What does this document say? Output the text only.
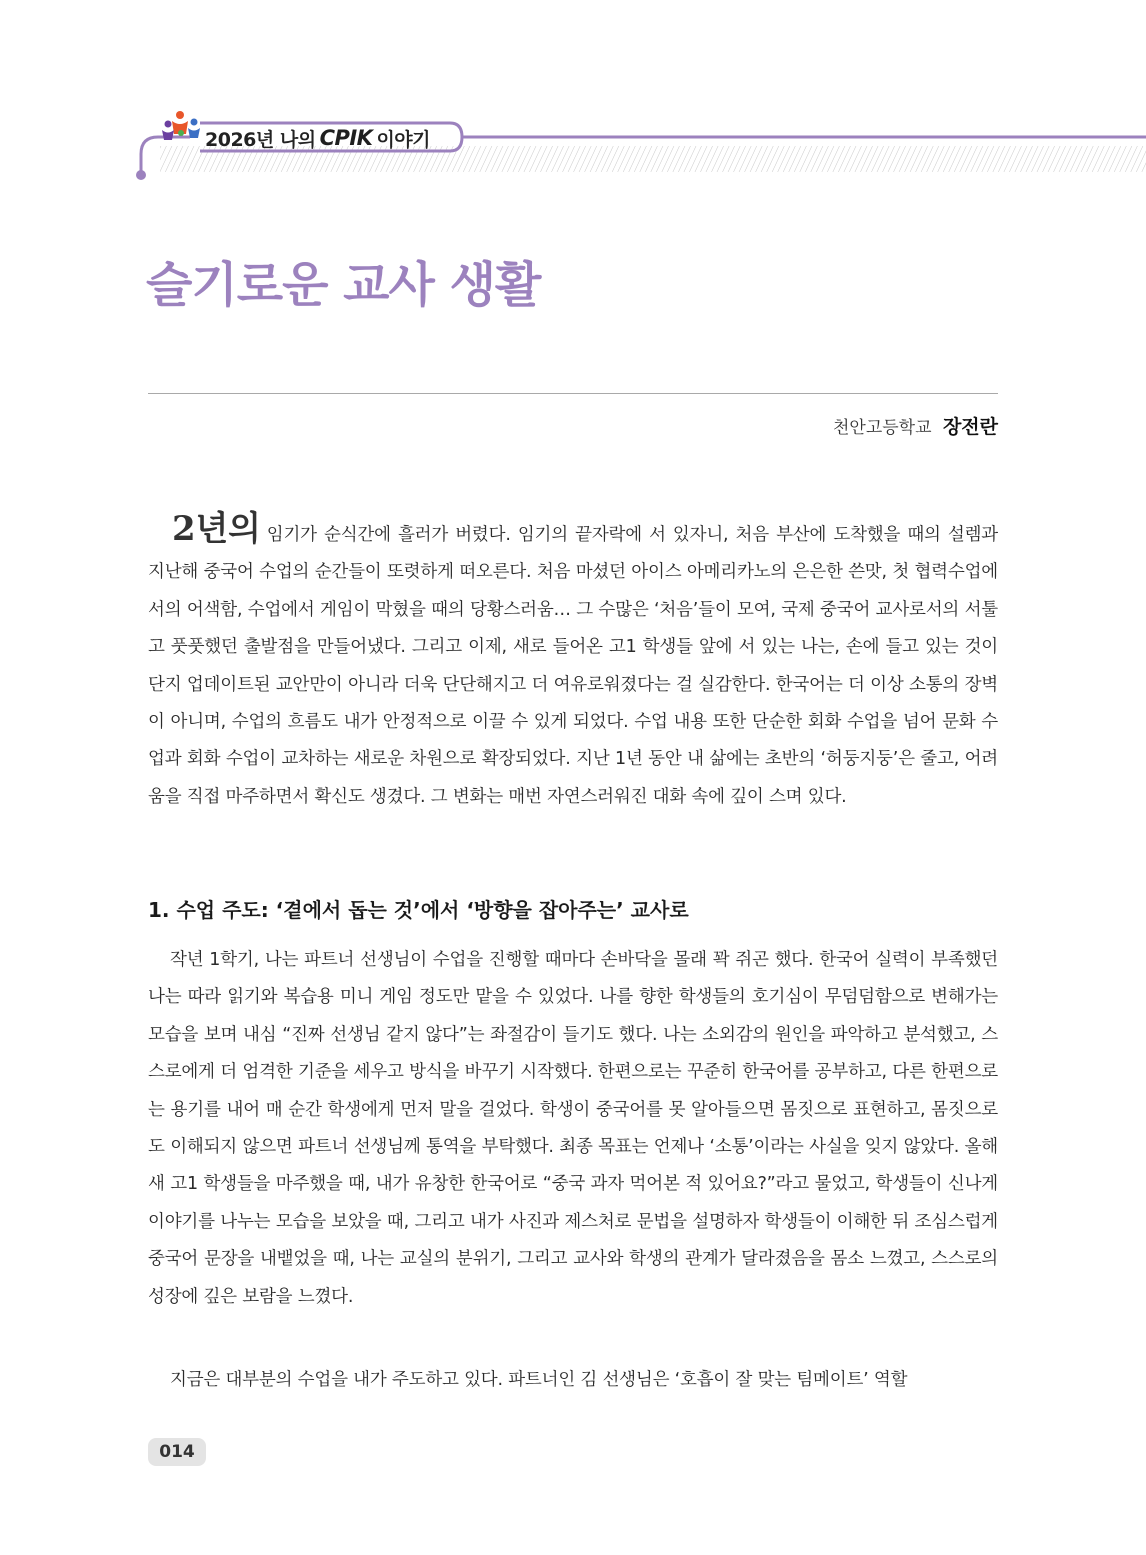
2026년 나의 CPIK 이야기
슬기로운 교사 생활
천안고등학교 장전란
2년의 임기가 순식간에 흘러가 버렸다. 임기의 끝자락에 서 있자니, 처음 부산에 도착했을 때의 설렘과 지난해 중국어 수업의 순간들이 또렷하게 떠오른다. 처음 마셨던 아이스 아메리카노의 은은한 쓴맛, 첫 협력수업에서의 어색함, 수업에서 게임이 막혔을 때의 당황스러움… 그 수많은 ‘처음’들이 모여, 국제 중국어 교사로서의 서툴고 풋풋했던 출발점을 만들어냈다. 그리고 이제, 새로 들어온 고1 학생들 앞에 서 있는 나는, 손에 들고 있는 것이 단지 업데이트된 교안만이 아니라 더욱 단단해지고 더 여유로워졌다는 걸 실감한다. 한국어는 더 이상 소통의 장벽이 아니며, 수업의 흐름도 내가 안정적으로 이끌 수 있게 되었다. 수업 내용 또한 단순한 회화 수업을 넘어 문화 수업과 회화 수업이 교차하는 새로운 차원으로 확장되었다. 지난 1년 동안 내 삶에는 초반의 ‘허둥지둥’은 줄고, 어려움을 직접 마주하면서 확신도 생겼다. 그 변화는 매번 자연스러워진 대화 속에 깊이 스며 있다.
1. 수업 주도: ‘곁에서 돕는 것’에서 ‘방향을 잡아주는’ 교사로

작년 1학기, 나는 파트너 선생님이 수업을 진행할 때마다 손바닥을 몰래 꽉 쥐곤 했다. 한국어 실력이 부족했던 나는 따라 읽기와 복습용 미니 게임 정도만 맡을 수 있었다. 나를 향한 학생들의 호기심이 무덤덤함으로 변해가는 모습을 보며 내심 “진짜 선생님 같지 않다”는 좌절감이 들기도 했다. 나는 소외감의 원인을 파악하고 분석했고, 스스로에게 더 엄격한 기준을 세우고 방식을 바꾸기 시작했다. 한편으로는 꾸준히 한국어를 공부하고, 다른 한편으로는 용기를 내어 매 순간 학생에게 먼저 말을 걸었다. 학생이 중국어를 못 알아들으면 몸짓으로 표현하고, 몸짓으로도 이해되지 않으면 파트너 선생님께 통역을 부탁했다. 최종 목표는 언제나 ‘소통’이라는 사실을 잊지 않았다. 올해 새 고1 학생들을 마주했을 때, 내가 유창한 한국어로 “중국 과자 먹어본 적 있어요?”라고 물었고, 학생들이 신나게 이야기를 나누는 모습을 보았을 때, 그리고 내가 사진과 제스처로 문법을 설명하자 학생들이 이해한 뒤 조심스럽게 중국어 문장을 내뱉었을 때, 나는 교실의 분위기, 그리고 교사와 학생의 관계가 달라졌음을 몸소 느꼈고, 스스로의 성장에 깊은 보람을 느꼈다.

지금은 대부분의 수업을 내가 주도하고 있다. 파트너인 김 선생님은 ‘호흡이 잘 맞는 팀메이트’ 역할

014
